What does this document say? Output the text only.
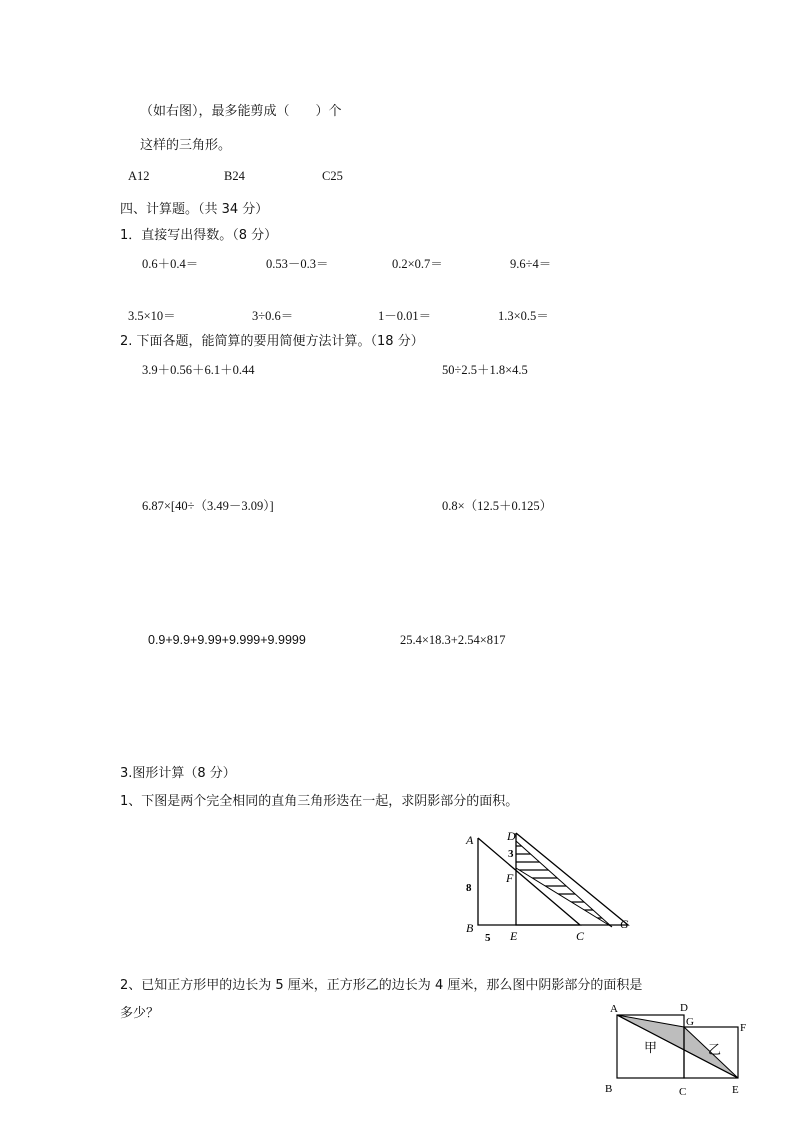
（如右图），最多能剪成（　　）个
这样的三角形。
A12	B24	C25
四、计算题。（共 34 分）
1．直接写出得数。（8 分）
0.6＋0.4＝	0.53－0.3＝	0.2×0.7＝	9.6÷4＝
3.5×10＝	3÷0.6＝	1－0.01＝	1.3×0.5＝
2. 下面各题，能简算的要用简便方法计算。（18 分）
3.9＋0.56＋6.1＋0.44	50÷2.5＋1.8×4.5
6.87×[40÷（3.49－3.09）]	0.8×（12.5＋0.125）
0.9+9.9+9.99+9.999+9.9999	25.4×18.3+2.54×817
3.图形计算（8 分）
1、下图是两个完全相同的直角三角形迭在一起，求阴影部分的面积。
A
B
C
D
E
F
G
3
8
5
2、已知正方形甲的边长为 5 厘米，正方形乙的边长为 4 厘米，那么图中阴影部分的面积是
多少？	A
B	C
D
E
F
G
甲	乙
